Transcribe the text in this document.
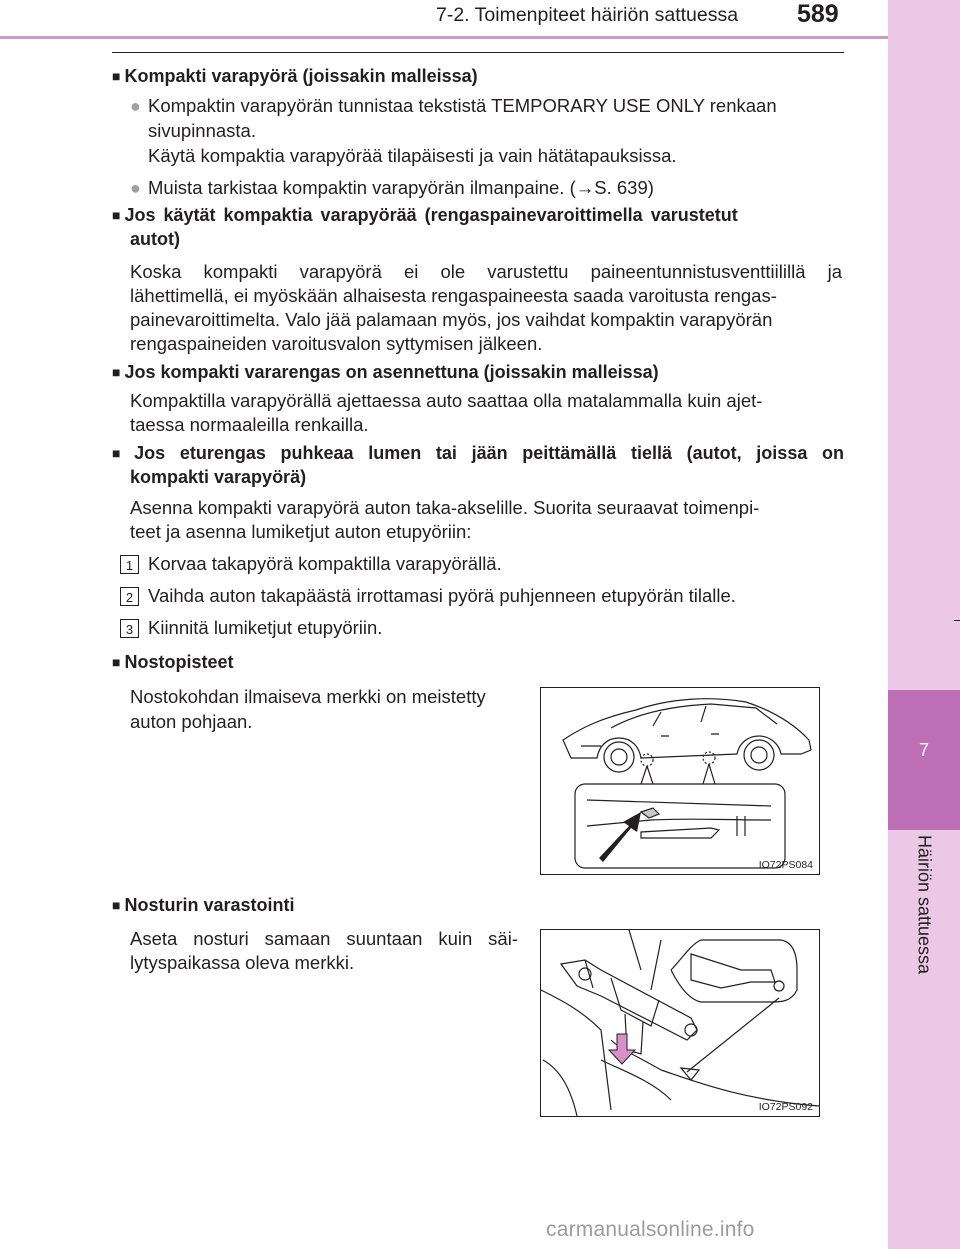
7-2. Toimenpiteet häiriön sattuessa 589
7
Häiriön sattuessa
■ Kompakti varapyörä (joissakin malleissa)
● Kompaktin varapyörän tunnistaa tekstistä TEMPORARY USE ONLY renkaan
sivupinnasta.
Käytä kompaktia varapyörää tilapäisesti ja vain hätätapauksissa.
● Muista tarkistaa kompaktin varapyörän ilmanpaine. (→S. 639)
■ Jos käytät kompaktia varapyörää (rengaspainevaroittimella varustetut
autot)
Koska kompakti varapyörä ei ole varustettu paineentunnistusventtiilillä ja
lähettimellä, ei myöskään alhaisesta rengaspaineesta saada varoitusta rengas-
painevaroittimelta. Valo jää palamaan myös, jos vaihdat kompaktin varapyörän
rengaspaineiden varoitusvalon syttymisen jälkeen.
■ Jos kompakti vararengas on asennettuna (joissakin malleissa)
Kompaktilla varapyörällä ajettaessa auto saattaa olla matalammalla kuin ajet-
taessa normaaleilla renkailla.
■ Jos eturengas puhkeaa lumen tai jään peittämällä tiellä (autot, joissa on
kompakti varapyörä)
Asenna kompakti varapyörä auton taka-akselille. Suorita seuraavat toimenpi-
teet ja asenna lumiketjut auton etupyöriin:
1 Korvaa takapyörä kompaktilla varapyörällä.
2 Vaihda auton takapäästä irrottamasi pyörä puhjenneen etupyörän tilalle.
3 Kiinnitä lumiketjut etupyöriin.
■ Nostopisteet
Nostokohdan ilmaiseva merkki on meistetty
auton pohjaan.
IO72PS084
■ Nosturin varastointi
Aseta nosturi samaan suuntaan kuin säi-
lytyspaikassa oleva merkki.
IO72PS092
carmanualsonline.info
